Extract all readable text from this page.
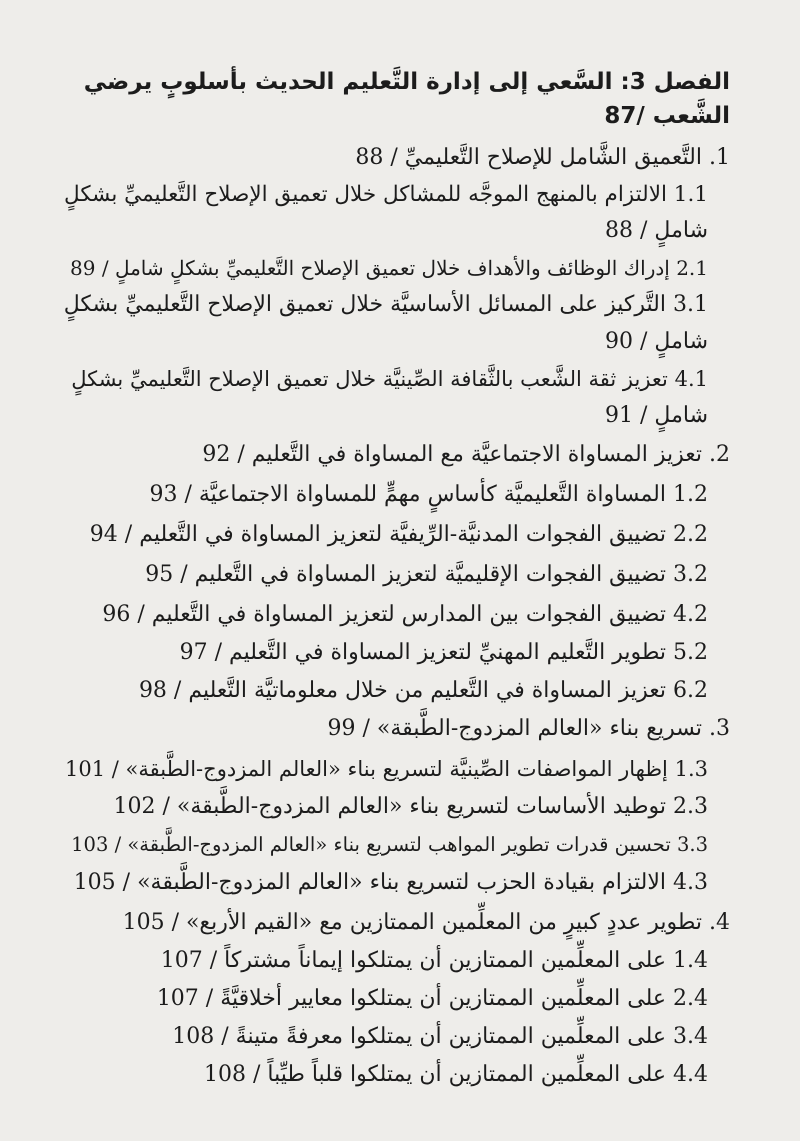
الفصل 3: السَّعي إلى إدارة التَّعليم الحديث بأسلوبٍ يرضي
الشَّعب /87
1. التَّعميق الشَّامل للإصلاح التَّعليميِّ / 88
1.1 الالتزام بالمنهج الموجَّه للمشاكل خلال تعميق الإصلاح التَّعليميِّ بشكلٍ
شاملٍ / 88
2.1 إدراك الوظائف والأهداف خلال تعميق الإصلاح التَّعليميِّ بشكلٍ شاملٍ / 89
3.1 التَّركيز على المسائل الأساسيَّة خلال تعميق الإصلاح التَّعليميِّ بشكلٍ
شاملٍ / 90
4.1 تعزيز ثقة الشَّعب بالثَّقافة الصِّينيَّة خلال تعميق الإصلاح التَّعليميِّ بشكلٍ
شاملٍ / 91
2. تعزيز المساواة الاجتماعيَّة مع المساواة في التَّعليم / 92
1.2 المساواة التَّعليميَّة كأساسٍ مهمٍّ للمساواة الاجتماعيَّة / 93
2.2 تضييق الفجوات المدنيَّة-الرِّيفيَّة لتعزيز المساواة في التَّعليم / 94
3.2 تضييق الفجوات الإقليميَّة لتعزيز المساواة في التَّعليم / 95
4.2 تضييق الفجوات بين المدارس لتعزيز المساواة في التَّعليم / 96
5.2 تطوير التَّعليم المهنيِّ لتعزيز المساواة في التَّعليم / 97
6.2 تعزيز المساواة في التَّعليم من خلال معلوماتيَّة التَّعليم / 98
3. تسريع بناء «العالم المزدوج-الطَّبقة» / 99
1.3 إظهار المواصفات الصِّينيَّة لتسريع بناء «العالم المزدوج-الطَّبقة» / 101
2.3 توطيد الأساسات لتسريع بناء «العالم المزدوج-الطَّبقة» / 102
3.3 تحسين قدرات تطوير المواهب لتسريع بناء «العالم المزدوج-الطَّبقة» / 103
4.3 الالتزام بقيادة الحزب لتسريع بناء «العالم المزدوج-الطَّبقة» / 105
4. تطوير عددٍ كبيرٍ من المعلِّمين الممتازين مع «القيم الأربع» / 105
1.4 على المعلِّمين الممتازين أن يمتلكوا إيماناً مشتركاً / 107
2.4 على المعلِّمين الممتازين أن يمتلكوا معايير أخلاقيَّةً / 107
3.4 على المعلِّمين الممتازين أن يمتلكوا معرفةً متينةً / 108
4.4 على المعلِّمين الممتازين أن يمتلكوا قلباً طيِّباً / 108
